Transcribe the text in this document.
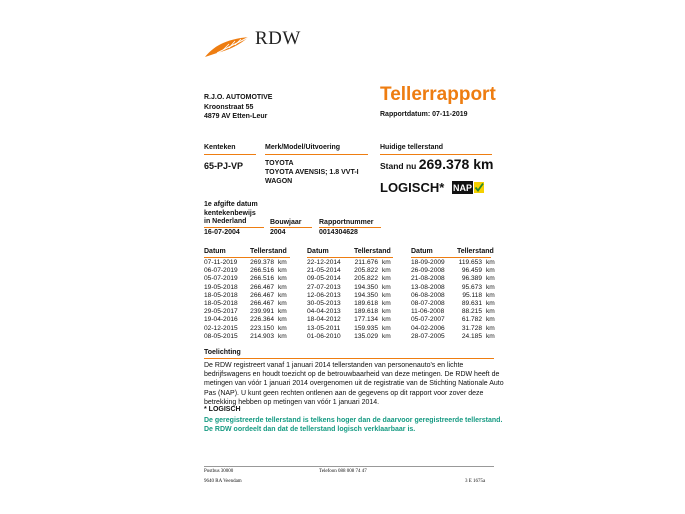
RDW
R.J.O. AUTOMOTIVE
Kroonstraat 55
4879 AV Etten-Leur
Tellerrapport
Rapportdatum: 07-11-2019
Kenteken	Merk/Model/Uitvoering	Huidige tellerstand
65-PJ-VP	TOYOTA
TOYOTA AVENSIS; 1.8 VVT-I
WAGON
Stand nu 269.378 km
LOGISCH* NAP
1e afgifte datum
kentekenbewijs
in Nederland	Bouwjaar Rapportnummer
16-07-2004	2004	0014304628
Datum	Tellerstand
07-11-2019 269.378 km
06-07-2019 266.516 km
05-07-2019 266.516 km
19-05-2018 266.467 km
18-05-2018 266.467 km
18-05-2018 266.467 km
29-05-2017 239.991 km
19-04-2016 226.364 km
02-12-2015 223.150 km
08-05-2015 214.903 km
Datum	Tellerstand
22-12-2014 211.676 km
21-05-2014 205.822 km
09-05-2014 205.822 km
27-07-2013 194.350 km
12-06-2013 194.350 km
30-05-2013 189.618 km
04-04-2013 189.618 km
18-04-2012 177.134 km
13-05-2011 159.935 km
01-06-2010 135.029 km
Datum	Tellerstand
18-09-2009 119.653 km
26-09-2008	96.459 km
21-08-2008	96.389 km
13-08-2008	95.673 km
06-08-2008	95.118 km
08-07-2008	89.631 km
11-06-2008	88.215 km
05-07-2007	61.782 km
04-02-2006	31.728 km
28-07-2005	24.185 km
Toelichting
De RDW registreert vanaf 1 januari 2014 tellerstanden van personenauto's en lichte bedrijfswagens en houdt toezicht op de betrouwbaarheid van deze metingen. De RDW heeft de metingen van vóór 1 januari 2014 overgenomen uit de registratie van de Stichting Nationale Auto Pas (NAP). U kunt geen rechten ontlenen aan de gegevens op dit rapport voor zover deze betrekking hebben op metingen van vóór 1 januari 2014.
* LOGISCH
De geregistreerde tellerstand is telkens hoger dan de daarvoor geregistreerde tellerstand. De RDW oordeelt dan dat de tellerstand logisch verklaarbaar is.
Postbus 30000
9640 RA Veendam
Telefoon 088 008 74 47
3 E 1675a
